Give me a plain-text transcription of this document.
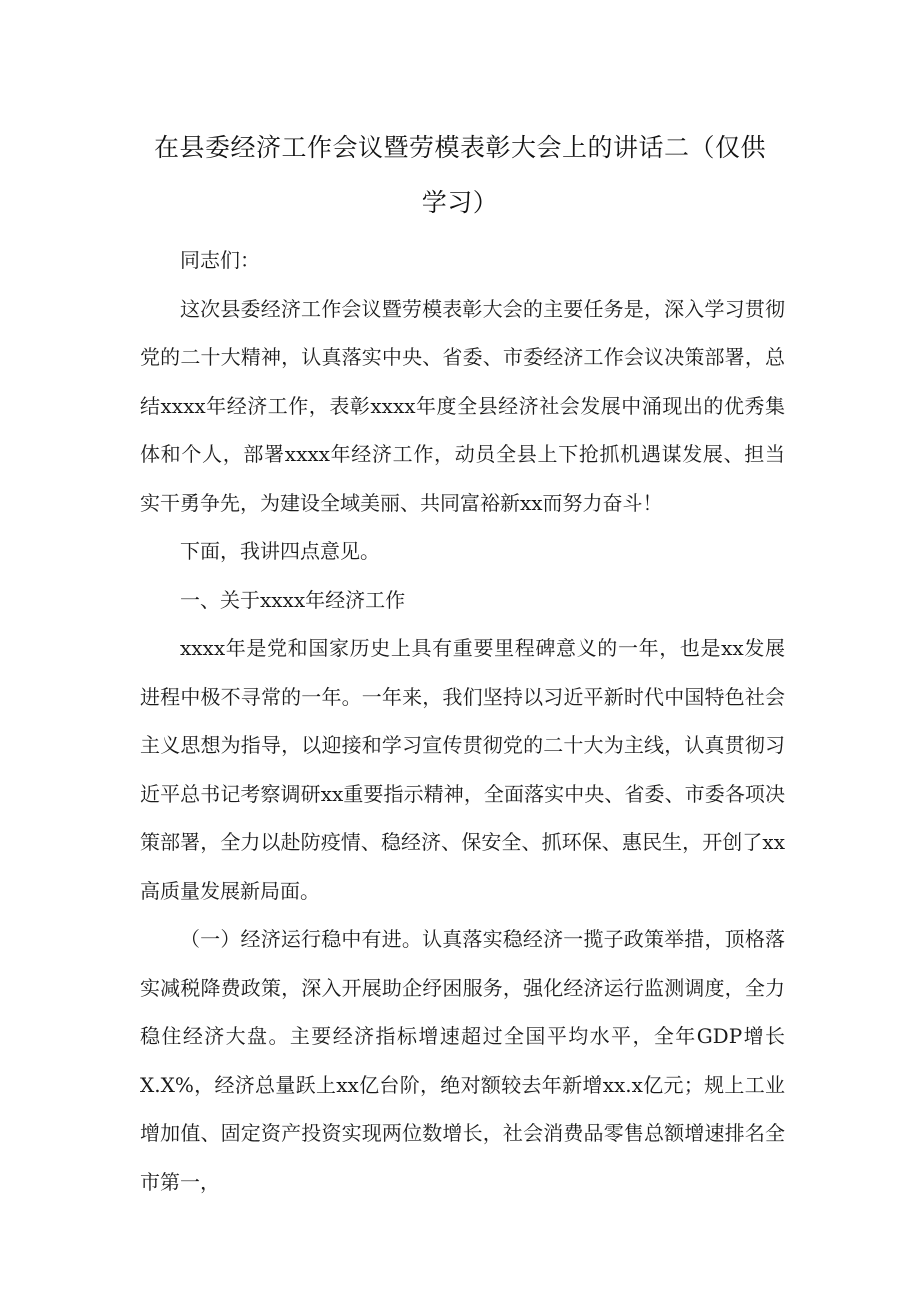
在县委经济工作会议暨劳模表彰大会上的讲话二（仅供
学习）

同志们：

这次县委经济工作会议暨劳模表彰大会的主要任务是，深入学习贯彻党的二十大精神，认真落实中央、省委、市委经济工作会议决策部署，总结xxxx年经济工作，表彰xxxx年度全县经济社会发展中涌现出的优秀集体和个人，部署xxxx年经济工作，动员全县上下抢抓机遇谋发展、担当实干勇争先，为建设全域美丽、共同富裕新xx而努力奋斗！

下面，我讲四点意见。

一、关于xxxx年经济工作

xxxx年是党和国家历史上具有重要里程碑意义的一年，也是xx发展进程中极不寻常的一年。一年来，我们坚持以习近平新时代中国特色社会主义思想为指导，以迎接和学习宣传贯彻党的二十大为主线，认真贯彻习近平总书记考察调研xx重要指示精神，全面落实中央、省委、市委各项决策部署，全力以赴防疫情、稳经济、保安全、抓环保、惠民生，开创了xx高质量发展新局面。

（一）经济运行稳中有进。认真落实稳经济一揽子政策举措，顶格落实减税降费政策，深入开展助企纾困服务，强化经济运行监测调度，全力稳住经济大盘。主要经济指标增速超过全国平均水平，全年GDP增长X.X%，经济总量跃上xx亿台阶，绝对额较去年新增xx.x亿元；规上工业增加值、固定资产投资实现两位数增长，社会消费品零售总额增速排名全市第一，
